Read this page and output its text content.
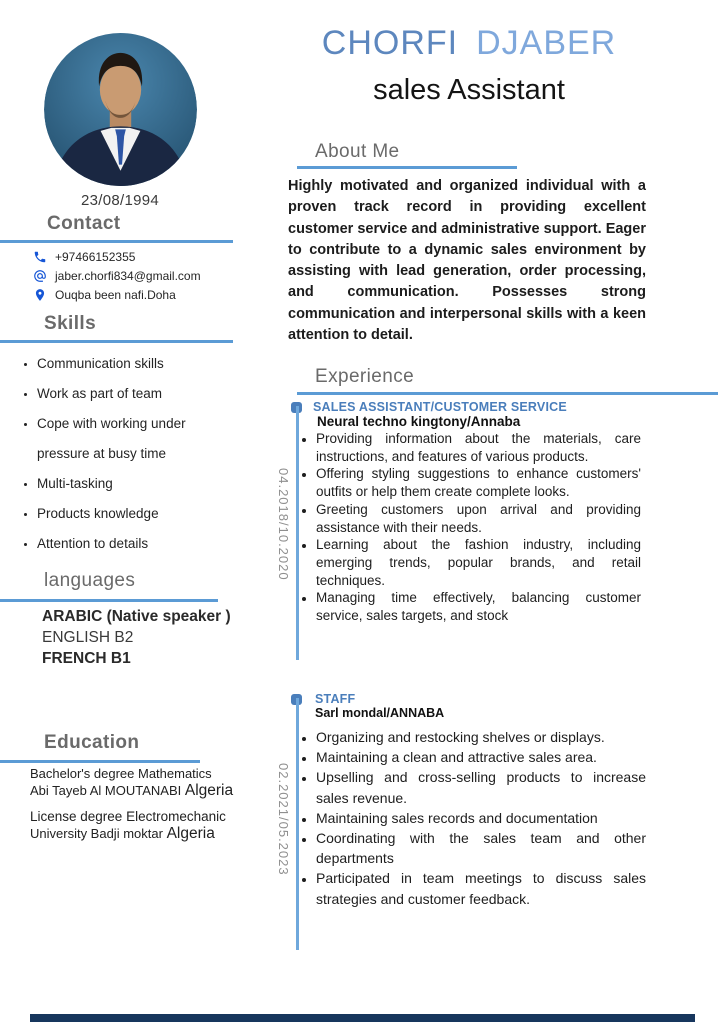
23/08/1994
Contact
+97466152355
jaber.chorfi834@gmail.com
Ouqba been nafi.Doha
Skills
• Communication skills
• Work as part of team
• Cope with working under pressure at busy time
• Multi-tasking
• Products knowledge
• Attention to details
languages
ARABIC (Native speaker )
ENGLISH B2
FRENCH B1
Education
Bachelor's degree Mathematics
Abi Tayeb Al MOUTANABI Algeria
License degree Electromechanic
University Badji moktar Algeria
CHORFI DJABER
sales Assistant
About Me
Highly motivated and organized individual with a proven track record in providing excellent customer service and administrative support. Eager to contribute to a dynamic sales environment by assisting with lead generation, order processing, and communication. Possesses strong communication and interpersonal skills with a keen attention to detail.
Experience
SALES ASSISTANT/CUSTOMER SERVICE
Neural techno kingtony/Annaba
04.2018/10.2020
• Providing information about the materials, care instructions, and features of various products.
• Offering styling suggestions to enhance customers' outfits or help them create complete looks.
• Greeting customers upon arrival and providing assistance with their needs.
• Learning about the fashion industry, including emerging trends, popular brands, and retail techniques.
• Managing time effectively, balancing customer service, sales targets, and stock
STAFF
Sarl mondal/ANNABA
02.2021/05.2023
• Organizing and restocking shelves or displays.
• Maintaining a clean and attractive sales area.
• Upselling and cross-selling products to increase sales revenue.
• Maintaining sales records and documentation
• Coordinating with the sales team and other departments
• Participated in team meetings to discuss sales strategies and customer feedback.
